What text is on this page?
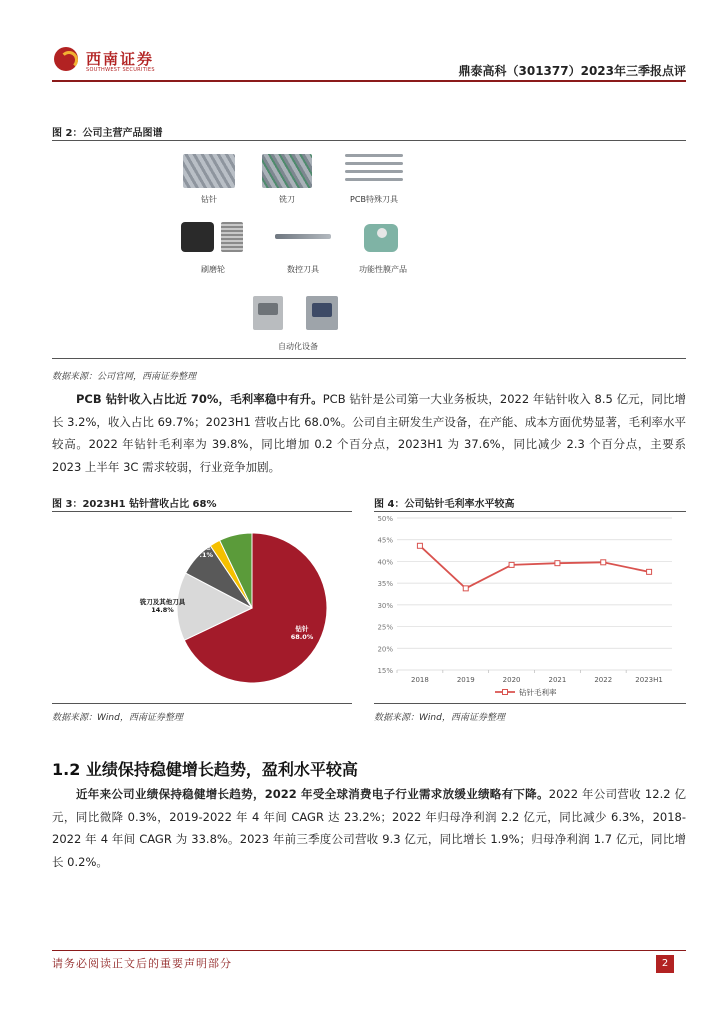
西南证券
SOUTHWEST SECURITIES	鼎泰高科（301377）2023年三季报点评
图 2：公司主营产品图谱
钻针	铣刀	PCB特殊刀具
刷磨轮	数控刀具	功能性膜产品
自动化设备
数据来源：公司官网，西南证券整理
PCB 钻针收入占比近 70%，毛利率稳中有升。PCB 钻针是公司第一大业务板块，2022 年钻针收入 8.5 亿元，同比增长 3.2%，收入占比 69.7%；2023H1 营收占比 68.0%。公司自主研发生产设备，在产能、成本方面优势显著，毛利率水平较高。2022 年钻针毛利率为 39.8%，同比增加 0.2 个百分点，2023H1 为 37.6%，同比减少 2.3 个百分点，主要系 2023 上半年 3C 需求较弱，行业竞争加剧。
图 3：2023H1 钻针营收占比 68%
钻针
68.0%
铣刀及其他刀具
14.8%
刷磨轮
7.9%
数控刀具
2.3%
其他
7.1%
数据来源：Wind，西南证券整理
图 4：公司钻针毛利率水平较高
15%
20%
25%
30%
35%
40%
45%
50%
2018	2019	2020	2021	2022	2023H1
钻针毛利率
数据来源：Wind，西南证券整理
1.2 业绩保持稳健增长趋势，盈利水平较高
近年来公司业绩保持稳健增长趋势，2022 年受全球消费电子行业需求放缓业绩略有下降。2022 年公司营收 12.2 亿元，同比微降 0.3%，2019-2022 年 4 年间 CAGR 达 23.2%；2022 年归母净利润 2.2 亿元，同比减少 6.3%，2018-2022 年 4 年间 CAGR 为 33.8%。2023 年前三季度公司营收 9.3 亿元，同比增长 1.9%；归母净利润 1.7 亿元，同比增长 0.2%。
请务必阅读正文后的重要声明部分	2
